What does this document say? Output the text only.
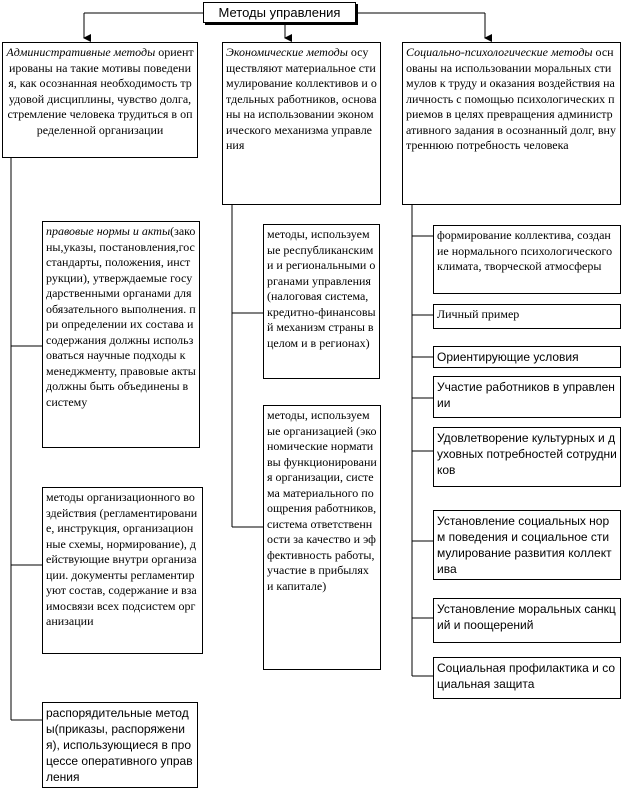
Методы управления
Административные методы ориентированы на такие мотивы поведения, как осознанная необходимость трудовой дисциплины, чувство долга, стремление человека трудиться в определенной организации
Экономические методы осуществляют материальное стимулирование коллективов и отдельных работников, основаны на использовании экономического механизма управления
Социально-психологические методы основаны на использовании моральных стимулов к труду и оказания воздействия на личность с помощью психологических приемов в целях превращения административного задания в осознанный долг, внутреннюю потребность человека
правовые нормы и акты(законы,указы, постановления,госстандарты, положения, инструкции), утверждаемые государственными органами для обязательного выполнения. при определении их состава и содержания должны использоваться научные подходы к менеджменту, правовые акты должны быть объединены в систему
методы организационного воздействия (регламентирование, инструкция, организационные схемы, нормирование), действующие внутри организации. документы регламентируют состав, содержание и взаимосвязи всех подсистем организации
распорядительные методы(приказы, распоряжения), использующиеся в процессе оперативного управления
методы, используемые республиканскими и региональными органами управления(налоговая система, кредитно-финансовый механизм страны в целом и в регионах)
методы, используемые организацией (экономические нормативы функционирования организации, система материального поощрения работников, система ответственности за качество и эффективность работы, участие в прибылях и капитале)
формирование коллектива, создание нормального психологического климата, творческой атмосферы
Личный пример
Ориентирующие условия
Участие работников в управлении
Удовлетворение культурных и духовных потребностей сотрудников
Установление социальных норм поведения и социальное стимулирование развития коллектива
Установление моральных санкций и поощерений
Социальная профилактика и социальная защита
